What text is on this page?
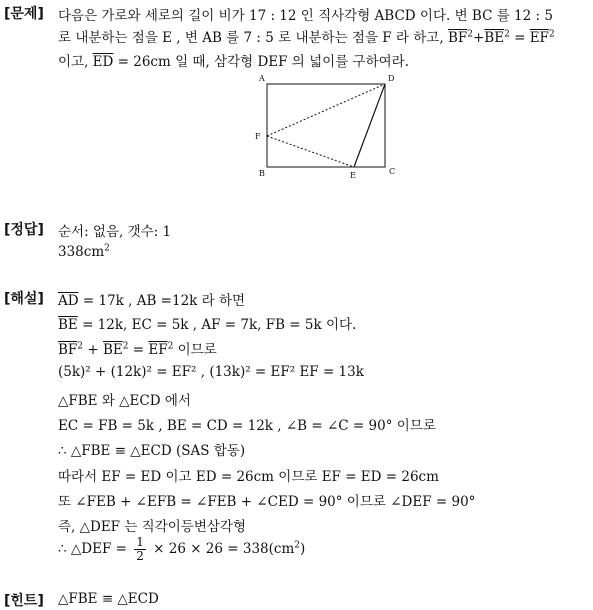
[문제] 다음은 가로와 세로의 길이 비가 17 : 12 인 직사각형 ABCD 이다. 변 BC 를 12 : 5
로 내분하는 점을 E , 변 AB 를 7 : 5 로 내분하는 점을 F 라 하고, $\overline{BF}^2+\overline{BE}^2 = \overline{EF}^2$
이고, $\overline{ED} = 26cm$ 일 때, 삼각형 DEF 의 넓이를 구하여라.
A	D
F
B	E	C
[정답] 순서: 없음, 갯수: 1
$338cm^2$
[해설] $\overline{AD} = 17k$ , AB =12k 라 하면
$\overline{BE} = 12k$, EC = 5k , AF = 7k, FB = 5k 이다.
$\overline{BF}^2 + \overline{BE}^2 = \overline{EF}^2$ 이므로
(5k)² + (12k)² = EF² , (13k)² = EF² EF = 13k
△FBE 와 △ECD 에서
EC = FB = 5k , BE = CD = 12k , ∠B = ∠C = 90° 이므로
∴ △FBE ≡ △ECD (SAS 합동)
따라서 EF = ED 이고 ED = 26cm 이므로 EF = ED = 26cm
또 ∠FEB + ∠EFB = ∠FEB + ∠CED = 90° 이므로 ∠DEF = 90°
즉, △DEF 는 직각이등변삼각형
∴ △DEF = $\frac{1}{2} \times 26 \times 26 = 338(cm^2)$
[힌트] △FBE ≡ △ECD
